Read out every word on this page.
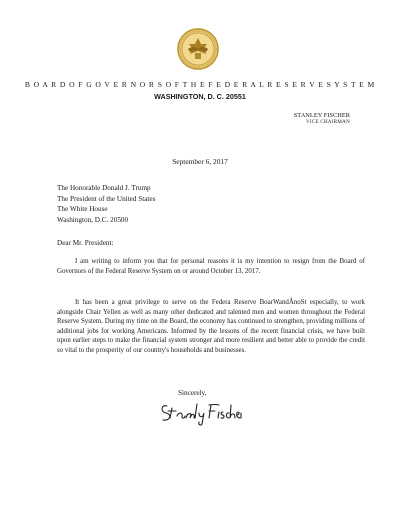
B O A R D O F G O V E R N O R S O F T H E F E D E R A L R E S E R V E S Y S T E M
WASHINGTON, D. C. 20551
STANLEY FISCHER
VICE CHAIRMAN
September 6, 2017
The Honorable Donald J. Trump
The President of the United States
The White House
Washington, D.C. 20500
Dear Mr. President:

I am writing to inform you that for personal reasons it is my intention to resign from the Board of Governors of the Federal Reserve System on or around October 13, 2017.

It has been a great privilege to serve on the Federa Reserve BoarWandÂnoSt especially, to work alongside Chair Yellen as well as many other dedicated and talented men and women throughout the Federal Reserve System. During my time on the Board, the economy has continued to strengthen, providing millions of additional jobs for working Americans. Informed by the lessons of the recent financial crisis, we have built upon earlier steps to make the financial system stronger and more resilient and better able to provide the credit so vital to the prosperity of our country's households and businesses.

Sincerely,
